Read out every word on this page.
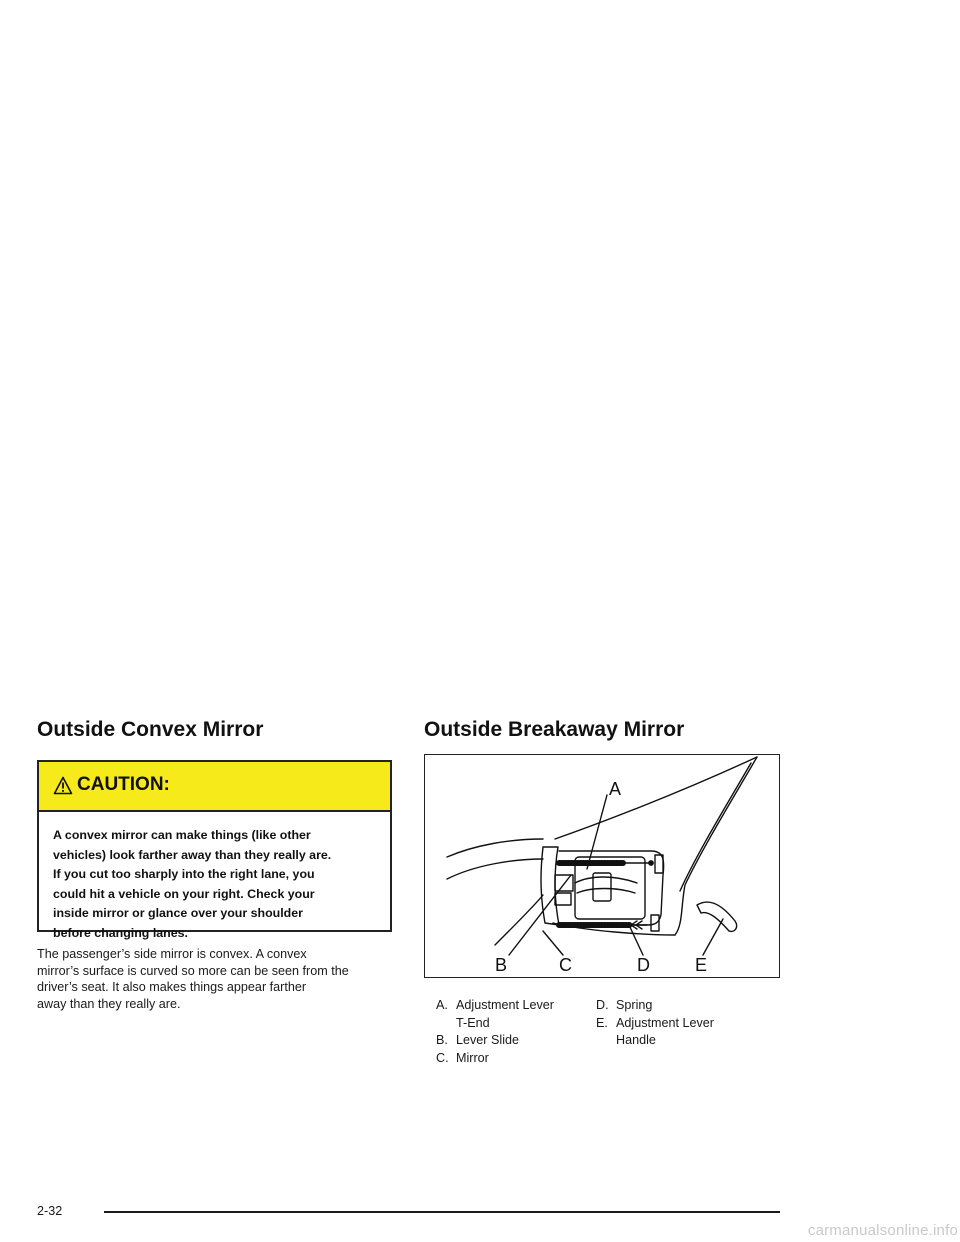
Outside Convex Mirror
CAUTION:
A convex mirror can make things (like other
vehicles) look farther away than they really are.
If you cut too sharply into the right lane, you
could hit a vehicle on your right. Check your
inside mirror or glance over your shoulder
before changing lanes.
The passenger’s side mirror is convex. A convex
mirror’s surface is curved so more can be seen from the
driver’s seat. It also makes things appear farther
away than they really are.
Outside Breakaway Mirror
A
B	C	D	E
A. Adjustment Lever
T-End
B. Lever Slide
C. Mirror
D. Spring
E. Adjustment Lever
Handle
2-32
carmanualsonline.info
